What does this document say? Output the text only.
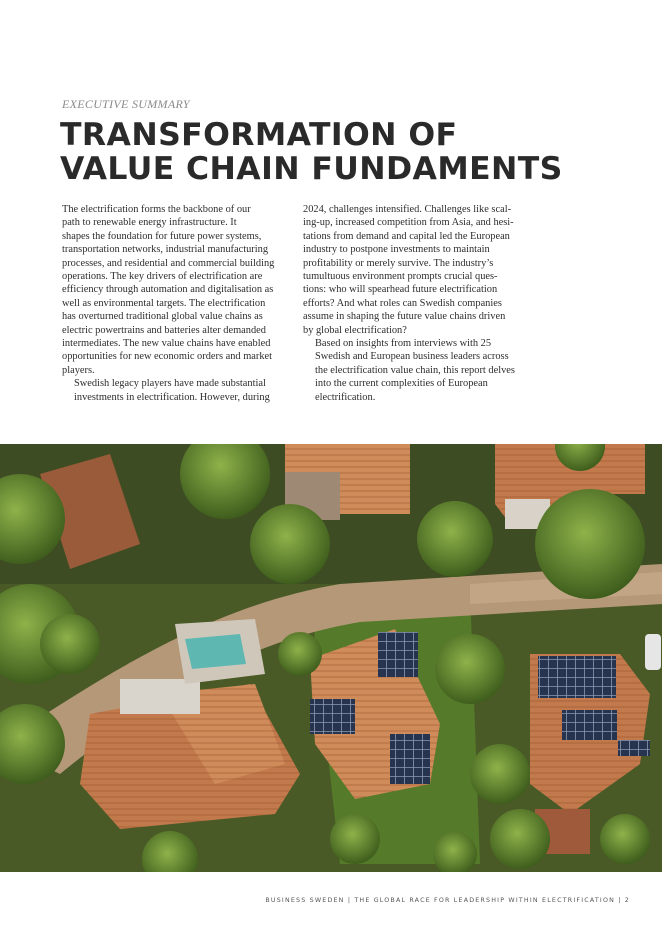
EXECUTIVE SUMMARY
TRANSFORMATION OF
VALUE CHAIN FUNDAMENTS

The electrification forms the backbone of our
path to renewable energy infrastructure. It
shapes the foundation for future power systems,
transportation networks, industrial manufacturing
processes, and residential and commercial building
operations. The key drivers of electrification are
efficiency through automation and digitalisation as
well as environmental targets. The electrification
has overturned traditional global value chains as
electric powertrains and batteries alter demanded
intermediates. The new value chains have enabled
opportunities for new economic orders and market
players.

Swedish legacy players have made substantial
investments in electrification. However, during

2024, challenges intensified. Challenges like scal-
ing-up, increased competition from Asia, and hesi-
tations from demand and capital led the European
industry to postpone investments to maintain
profitability or merely survive. The industry’s
tumultuous environment prompts crucial ques-
tions: who will spearhead future electrification
efforts? And what roles can Swedish companies
assume in shaping the future value chains driven
by global electrification?

Based on insights from interviews with 25
Swedish and European business leaders across
the electrification value chain, this report delves
into the current complexities of European
electrification.

BUSINESS SWEDEN | THE GLOBAL RACE FOR LEADERSHIP WITHIN ELECTRIFICATION | 2
